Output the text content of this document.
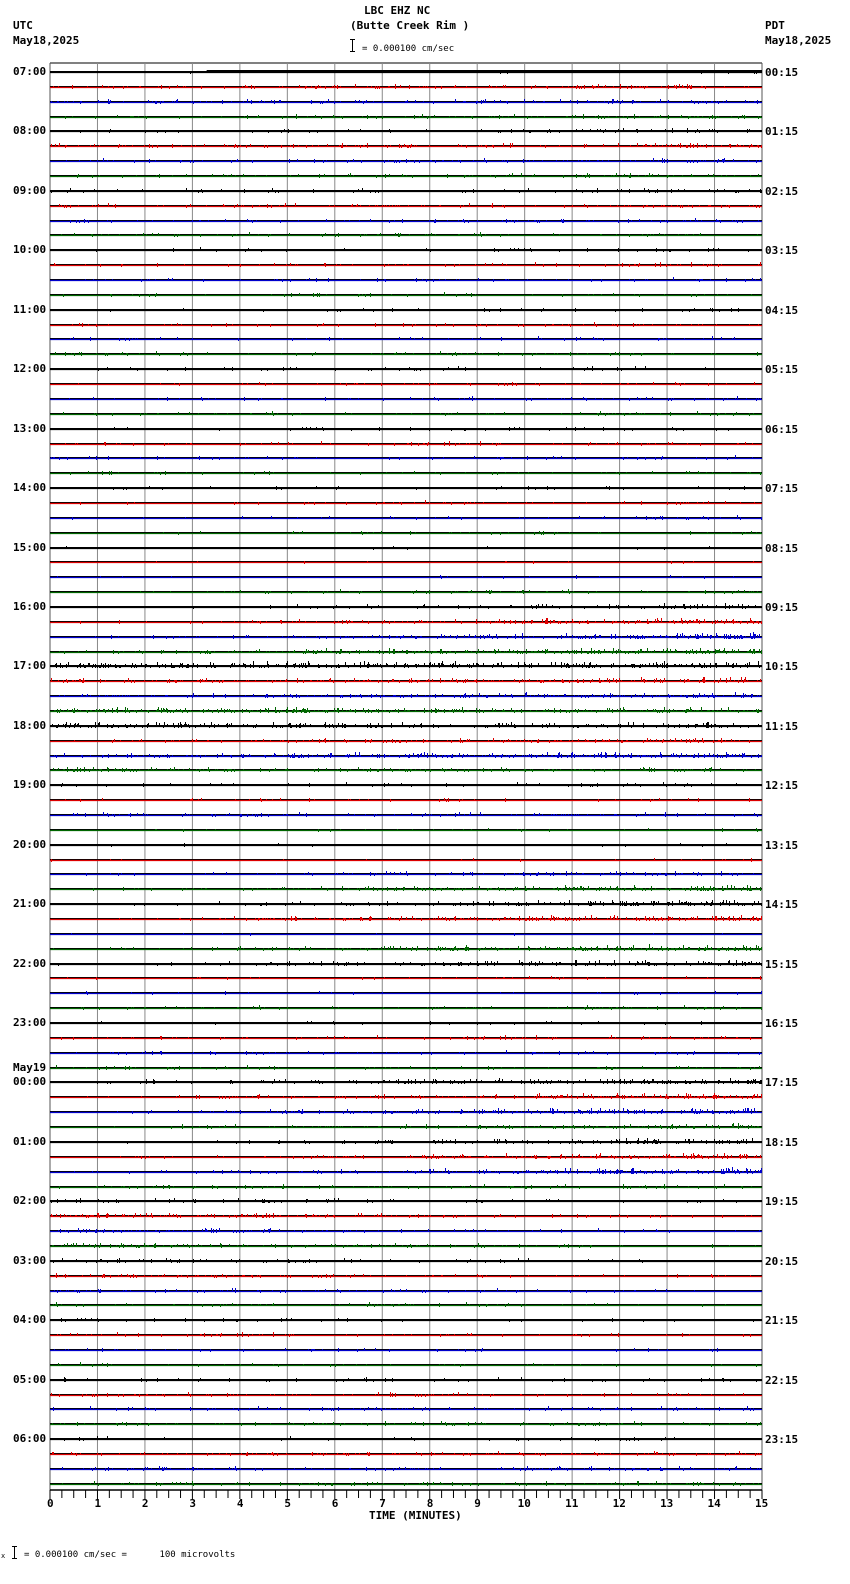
LBC EHZ NC
(Butte Creek Rim )
= 0.000100 cm/sec
UTC
May18,2025
PDT
May18,2025
07:00
08:00
09:00
10:00
11:00
12:00
13:00
14:00
15:00
16:00
17:00
18:00
19:00
20:00
21:00
22:00
23:00
00:00
01:00
02:00
03:00
04:00
05:00
06:00
00:15
01:15
02:15
03:15
04:15
05:15
06:15
07:15
08:15
09:15
10:15
11:15
12:15
13:15
14:15
15:15
16:15
17:15
18:15
19:15
20:15
21:15
22:15
23:15
May19
0	1	2	3	4	5	6	7	8	9	10	11	12	13	14	15
TIME (MINUTES)
x = 0.000100 cm/sec =      100 microvolts
